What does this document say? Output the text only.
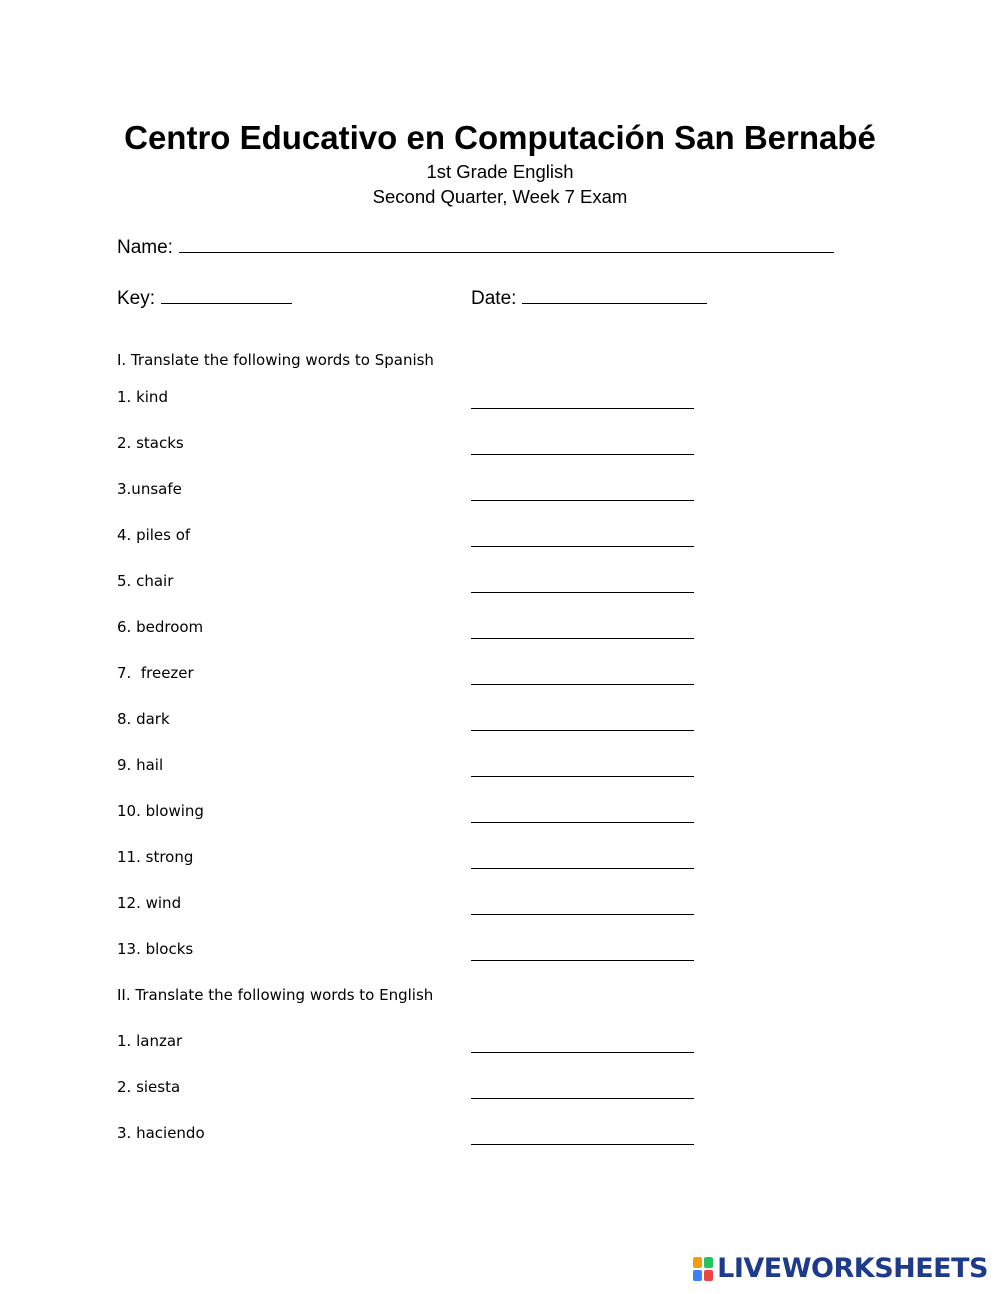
Centro Educativo en Computación San Bernabé
1st Grade English
Second Quarter, Week 7 Exam
Name:
Key:	Date:
I. Translate the following words to Spanish
1. kind
2. stacks
3.unsafe
4. piles of
5. chair
6. bedroom
7.  freezer
8. dark
9. hail
10. blowing
11. strong
12. wind
13. blocks
II. Translate the following words to English
1. lanzar
2. siesta
3. haciendo
LIVEWORKSHEETS
